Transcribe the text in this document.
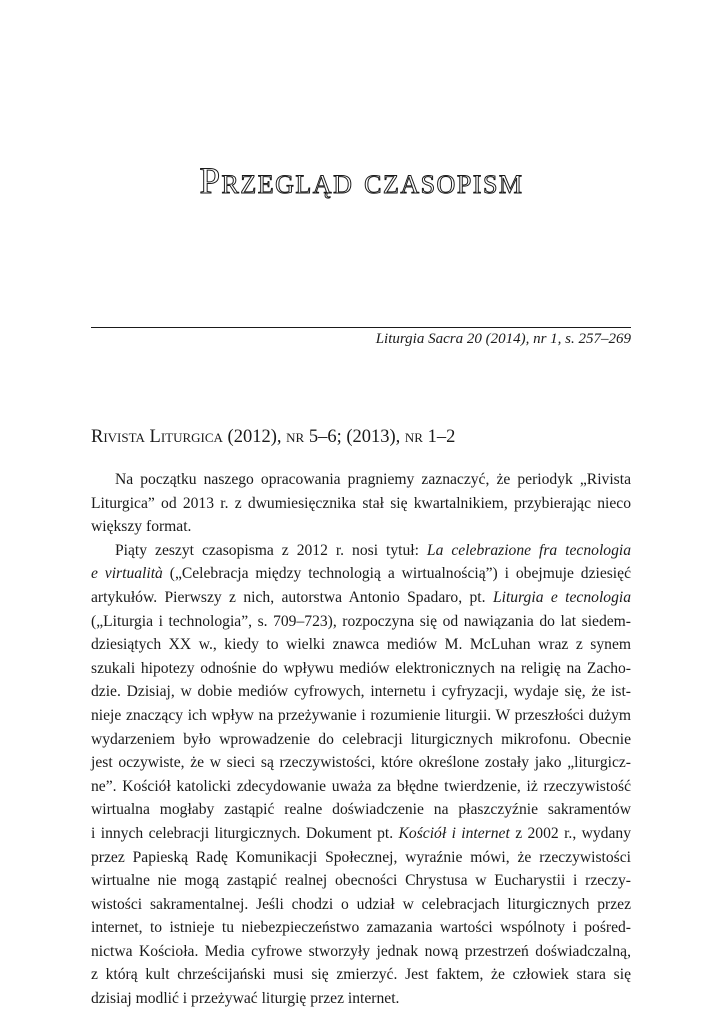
Przegląd czasopism
Liturgia Sacra 20 (2014), nr 1, s. 257–269
Rivista Liturgica (2012), nr 5–6; (2013), nr 1–2
Na początku naszego opracowania pragniemy zaznaczyć, że periodyk „Rivista
Liturgica” od 2013 r. z dwumiesięcznika stał się kwartalnikiem, przybierając nieco
większy format.
Piąty zeszyt czasopisma z 2012 r. nosi tytuł: La celebrazione fra tecnologia
e virtualità („Celebracja między technologią a wirtualnością”) i obejmuje dziesięć
artykułów. Pierwszy z nich, autorstwa Antonio Spadaro, pt. Liturgia e tecnologia
(„Liturgia i technologia”, s. 709–723), rozpoczyna się od nawiązania do lat siedem-
dziesiątych XX w., kiedy to wielki znawca mediów M. McLuhan wraz z synem
szukali hipotezy odnośnie do wpływu mediów elektronicznych na religię na Zacho-
dzie. Dzisiaj, w dobie mediów cyfrowych, internetu i cyfryzacji, wydaje się, że ist-
nieje znaczący ich wpływ na przeżywanie i rozumienie liturgii. W przeszłości dużym
wydarzeniem było wprowadzenie do celebracji liturgicznych mikrofonu. Obecnie
jest oczywiste, że w sieci są rzeczywistości, które określone zostały jako „liturgicz-
ne”. Kościół katolicki zdecydowanie uważa za błędne twierdzenie, iż rzeczywistość
wirtualna mogłaby zastąpić realne doświadczenie na płaszczyźnie sakramentów
i innych celebracji liturgicznych. Dokument pt. Kościół i internet z 2002 r., wydany
przez Papieską Radę Komunikacji Społecznej, wyraźnie mówi, że rzeczywistości
wirtualne nie mogą zastąpić realnej obecności Chrystusa w Eucharystii i rzeczy-
wistości sakramentalnej. Jeśli chodzi o udział w celebracjach liturgicznych przez
internet, to istnieje tu niebezpieczeństwo zamazania wartości wspólnoty i pośred-
nictwa Kościoła. Media cyfrowe stworzyły jednak nową przestrzeń doświadczalną,
z którą kult chrześcijański musi się zmierzyć. Jest faktem, że człowiek stara się
dzisiaj modlić i przeżywać liturgię przez internet.
